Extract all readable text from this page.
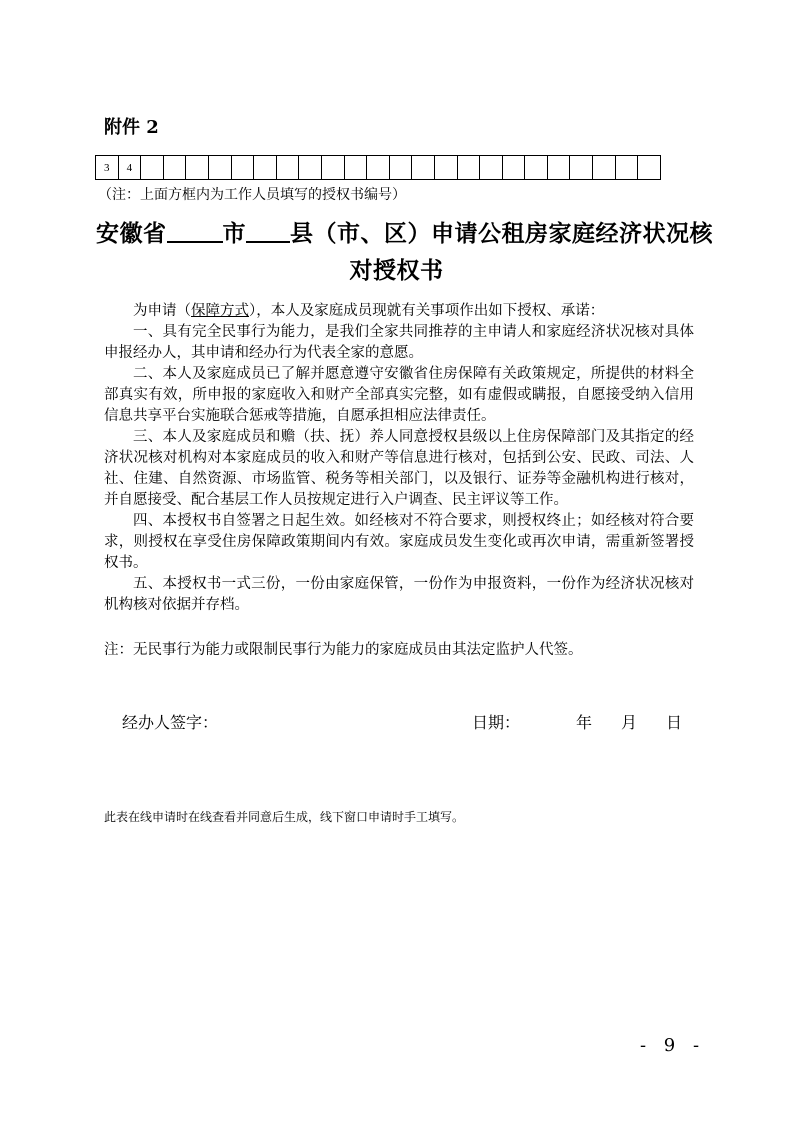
附件 2
3	4
（注：上面方框内为工作人员填写的授权书编号）
安徽省 市 县（市、区）申请公租房家庭经济状况核
对授权书

为申请（保障方式），本人及家庭成员现就有关事项作出如下授权、承诺：

一、具有完全民事行为能力，是我们全家共同推荐的主申请人和家庭经济状况核对具体申报经办人，其申请和经办行为代表全家的意愿。

二、本人及家庭成员已了解并愿意遵守安徽省住房保障有关政策规定，所提供的材料全部真实有效，所申报的家庭收入和财产全部真实完整，如有虚假或瞒报，自愿接受纳入信用信息共享平台实施联合惩戒等措施，自愿承担相应法律责任。

三、本人及家庭成员和赡（扶、抚）养人同意授权县级以上住房保障部门及其指定的经济状况核对机构对本家庭成员的收入和财产等信息进行核对，包括到公安、民政、司法、人社、住建、自然资源、市场监管、税务等相关部门，以及银行、证券等金融机构进行核对，并自愿接受、配合基层工作人员按规定进行入户调查、民主评议等工作。

四、本授权书自签署之日起生效。如经核对不符合要求，则授权终止；如经核对符合要求，则授权在享受住房保障政策期间内有效。家庭成员发生变化或再次申请，需重新签署授权书。

五、本授权书一式三份，一份由家庭保管，一份作为申报资料，一份作为经济状况核对机构核对依据并存档。

注：无民事行为能力或限制民事行为能力的家庭成员由其法定监护人代签。
经办人签字：	日期：	年 月 日
此表在线申请时在线查看并同意后生成，线下窗口申请时手工填写。
- 9 -
